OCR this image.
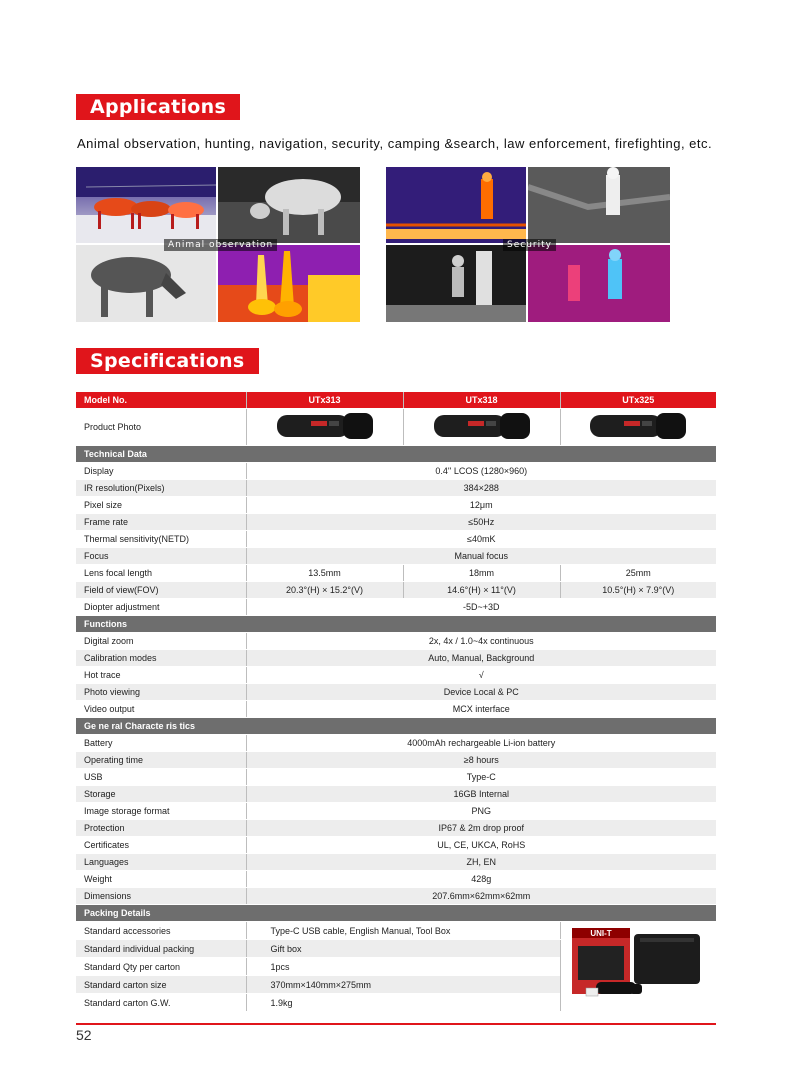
Applications
Animal observation, hunting, navigation, security, camping &search, law enforcement, firefighting, etc.
Animal observation	Security
Specifications
Model No.	UTx313	UTx318	UTx325
Product Photo			
Technical Data			
Display	0.4'' LCOS (1280×960)		
IR resolution(Pixels)	384×288		
Pixel size	12μm		
Frame rate	≤50Hz		
Thermal sensitivity(NETD)	≤40mK		
Focus	Manual focus		
Lens focal length	13.5mm	18mm	25mm
Field of view(FOV)	20.3°(H) × 15.2°(V)	14.6°(H) × 11°(V)	10.5°(H) × 7.9°(V)
Diopter adjustment	-5D~+3D		
Functions			
Digital zoom	2x, 4x / 1.0~4x continuous		
Calibration modes	Auto, Manual, Background		
Hot trace	√		
Photo viewing	Device Local & PC		
Video output	MCX interface		
Ge ne ral Characte ris tics			
Battery	4000mAh rechargeable Li-ion battery		
Operating time	≥8 hours		
USB	Type-C		
Storage	16GB Internal		
Image storage format	PNG		
Protection	IP67 & 2m drop proof		
Certificates	UL, CE, UKCA, RoHS		
Languages	ZH, EN		
Weight	428g		
Dimensions	207.6mm×62mm×62mm		
Packing Details			
Standard accessories	Type-C USB cable, English Manual, Tool Box		UNI-T

Standard individual packing	Gift box		
Standard Qty per carton	1pcs		
Standard carton size	370mm×140mm×275mm		
Standard carton G.W.	1.9kg		
52
